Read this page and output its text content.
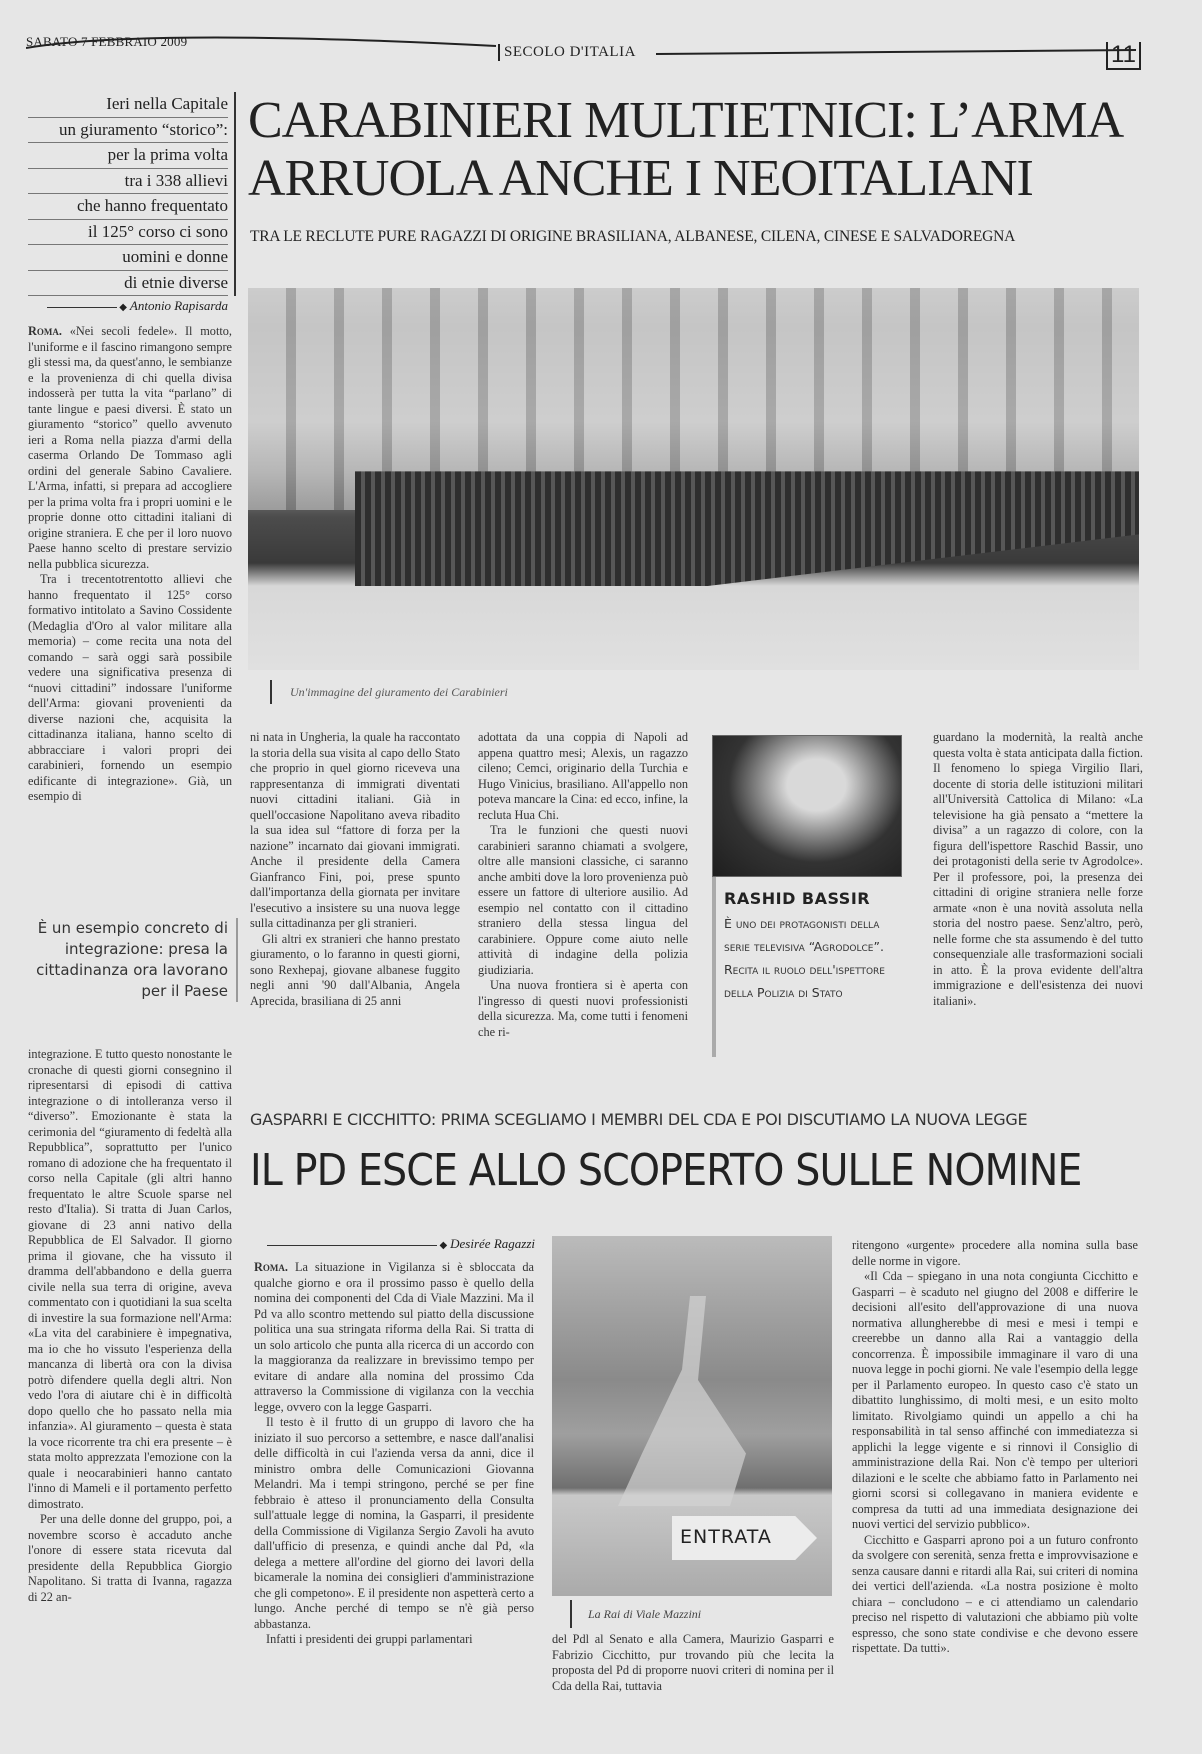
SABATO 7 FEBBRAIO 2009
SECOLO D'ITALIA	11
Ieri nella Capitale
un giuramento “storico”:
per la prima volta
tra i 338 allievi
che hanno frequentato
il 125° corso ci sono
uomini e donne
di etnie diverse
◆ Antonio Rapisarda
CARABINIERI MULTIETNICI: L’ARMA ARRUOLA ANCHE I NEOITALIANI
TRA LE RECLUTE PURE RAGAZZI DI ORIGINE BRASILIANA, ALBANESE, CILENA, CINESE E SALVADOREGNA
Un'immagine del giuramento dei Carabinieri

Roma. «Nei secoli fedele». Il motto, l'uniforme e il fascino rimangono sempre gli stessi ma, da quest'anno, le sembianze e la provenienza di chi quella divisa indosserà per tutta la vita “parlano” di tante lingue e paesi diversi. È stato un giuramento “storico” quello avvenuto ieri a Roma nella piazza d'armi della caserma Orlando De Tommaso agli ordini del generale Sabino Cavaliere. L'Arma, infatti, si prepara ad accogliere per la prima volta fra i propri uomini e le proprie donne otto cittadini italiani di origine straniera. E che per il loro nuovo Paese hanno scelto di prestare servizio nella pubblica sicurezza.

Tra i trecentotrentotto allievi che hanno frequentato il 125° corso formativo intitolato a Savino Cossidente (Medaglia d'Oro al valor militare alla memoria) – come recita una nota del comando – sarà oggi sarà possibile vedere una significativa presenza di “nuovi cittadini” indossare l'uniforme dell'Arma: giovani provenienti da diverse nazioni che, acquisita la cittadinanza italiana, hanno scelto di abbracciare i valori propri dei carabinieri, fornendo un esempio edificante di integrazione». Già, un esempio di

È un esempio concreto di integrazione: presa la cittadinanza ora lavorano per il Paese

integrazione. E tutto questo nonostante le cronache di questi giorni consegnino il ripresentarsi di episodi di cattiva integrazione o di intolleranza verso il “diverso”. Emozionante è stata la cerimonia del “giuramento di fedeltà alla Repubblica”, soprattutto per l'unico romano di adozione che ha frequentato il corso nella Capitale (gli altri hanno frequentato le altre Scuole sparse nel resto d'Italia). Si tratta di Juan Carlos, giovane di 23 anni nativo della Repubblica de El Salvador. Il giorno prima il giovane, che ha vissuto il dramma dell'abbandono e della guerra civile nella sua terra di origine, aveva commentato con i quotidiani la sua scelta di investire la sua formazione nell'Arma: «La vita del carabiniere è impegnativa, ma io che ho vissuto l'esperienza della mancanza di libertà ora con la divisa potrò difendere quella degli altri. Non vedo l'ora di aiutare chi è in difficoltà dopo quello che ho passato nella mia infanzia». Al giuramento – questa è stata la voce ricorrente tra chi era presente – è stata molto apprezzata l'emozione con la quale i neocarabinieri hanno cantato l'inno di Mameli e il portamento perfetto dimostrato.

Per una delle donne del gruppo, poi, a novembre scorso è accaduto anche l'onore di essere stata ricevuta dal presidente della Repubblica Giorgio Napolitano. Si tratta di Ivanna, ragazza di 22 an-

ni nata in Ungheria, la quale ha raccontato la storia della sua visita al capo dello Stato che proprio in quel giorno riceveva una rappresentanza di immigrati diventati nuovi cittadini italiani. Già in quell'occasione Napolitano aveva ribadito la sua idea sul “fattore di forza per la nazione” incarnato dai giovani immigrati. Anche il presidente della Camera Gianfranco Fini, poi, prese spunto dall'importanza della giornata per invitare l'esecutivo a insistere su una nuova legge sulla cittadinanza per gli stranieri.

Gli altri ex stranieri che hanno prestato giuramento, o lo faranno in questi giorni, sono Rexhepaj, giovane albanese fuggito negli anni '90 dall'Albania, Angela Aprecida, brasiliana di 25 anni

adottata da una coppia di Napoli ad appena quattro mesi; Alexis, un ragazzo cileno; Cemci, originario della Turchia e Hugo Vinicius, brasiliano. All'appello non poteva mancare la Cina: ed ecco, infine, la recluta Hua Chi.

Tra le funzioni che questi nuovi carabinieri saranno chiamati a svolgere, oltre alle mansioni classiche, ci saranno anche ambiti dove la loro provenienza può essere un fattore di ulteriore ausilio. Ad esempio nel contatto con il cittadino straniero della stessa lingua del carabiniere. Oppure come aiuto nelle attività di indagine della polizia giudiziaria.

Una nuova frontiera si è aperta con l'ingresso di questi nuovi professionisti della sicurezza. Ma, come tutti i fenomeni che ri-

RASHID BASSIR
È uno dei protagonisti della serie televisiva “Agrodolce”. Recita il ruolo dell'ispettore della Polizia di Stato

guardano la modernità, la realtà anche questa volta è stata anticipata dalla fiction. Il fenomeno lo spiega Virgilio Ilari, docente di storia delle istituzioni militari all'Università Cattolica di Milano: «La televisione ha già pensato a “mettere la divisa” a un ragazzo di colore, con la figura dell'ispettore Raschid Bassir, uno dei protagonisti della serie tv Agrodolce». Per il professore, poi, la presenza dei cittadini di origine straniera nelle forze armate «non è una novità assoluta nella storia del nostro paese. Senz'altro, però, nelle forme che sta assumendo è del tutto consequenziale alle trasformazioni sociali in atto. È la prova evidente dell'altra immigrazione e dell'esistenza dei nuovi italiani».

GASPARRI E CICCHITTO: PRIMA SCEGLIAMO I MEMBRI DEL CDA E POI DISCUTIAMO LA NUOVA LEGGE
IL PD ESCE ALLO SCOPERTO SULLE NOMINE
◆ Desirée Ragazzi

Roma. La situazione in Vigilanza si è sbloccata da qualche giorno e ora il prossimo passo è quello della nomina dei componenti del Cda di Viale Mazzini. Ma il Pd va allo scontro mettendo sul piatto della discussione politica una sua stringata riforma della Rai. Si tratta di un solo articolo che punta alla ricerca di un accordo con la maggioranza da realizzare in brevissimo tempo per evitare di andare alla nomina del prossimo Cda attraverso la Commissione di vigilanza con la vecchia legge, ovvero con la legge Gasparri.

Il testo è il frutto di un gruppo di lavoro che ha iniziato il suo percorso a settembre, e nasce dall'analisi delle difficoltà in cui l'azienda versa da anni, dice il ministro ombra delle Comunicazioni Giovanna Melandri. Ma i tempi stringono, perché se per fine febbraio è atteso il pronunciamento della Consulta sull'attuale legge di nomina, la Gasparri, il presidente della Commissione di Vigilanza Sergio Zavoli ha avuto dall'ufficio di presenza, e quindi anche dal Pd, «la delega a mettere all'ordine del giorno dei lavori della bicamerale la nomina dei consiglieri d'amministrazione che gli competono». E il presidente non aspetterà certo a lungo. Anche perché di tempo se n'è già perso abbastanza.

Infatti i presidenti dei gruppi parlamentari

ENTRATA
La Rai di Viale Mazzini

del Pdl al Senato e alla Camera, Maurizio Gasparri e Fabrizio Cicchitto, pur trovando più che lecita la proposta del Pd di proporre nuovi criteri di nomina per il Cda della Rai, tuttavia

ritengono «urgente» procedere alla nomina sulla base delle norme in vigore.

«Il Cda – spiegano in una nota congiunta Cicchitto e Gasparri – è scaduto nel giugno del 2008 e differire le decisioni all'esito dell'approvazione di una nuova normativa allungherebbe di mesi e mesi i tempi e creerebbe un danno alla Rai a vantaggio della concorrenza. È impossibile immaginare il varo di una nuova legge in pochi giorni. Ne vale l'esempio della legge per il Parlamento europeo. In questo caso c'è stato un dibattito lunghissimo, di molti mesi, e un esito molto limitato. Rivolgiamo quindi un appello a chi ha responsabilità in tal senso affinché con immediatezza si applichi la legge vigente e si rinnovi il Consiglio di amministrazione della Rai. Non c'è tempo per ulteriori dilazioni e le scelte che abbiamo fatto in Parlamento nei giorni scorsi si collegavano in maniera evidente e compresa da tutti ad una immediata designazione dei nuovi vertici del servizio pubblico».

Cicchitto e Gasparri aprono poi a un futuro confronto da svolgere con serenità, senza fretta e improvvisazione e senza causare danni e ritardi alla Rai, sui criteri di nomina dei vertici dell'azienda. «La nostra posizione è molto chiara – concludono – e ci attendiamo un calendario preciso nel rispetto di valutazioni che abbiamo più volte espresso, che sono state condivise e che devono essere rispettate. Da tutti».
